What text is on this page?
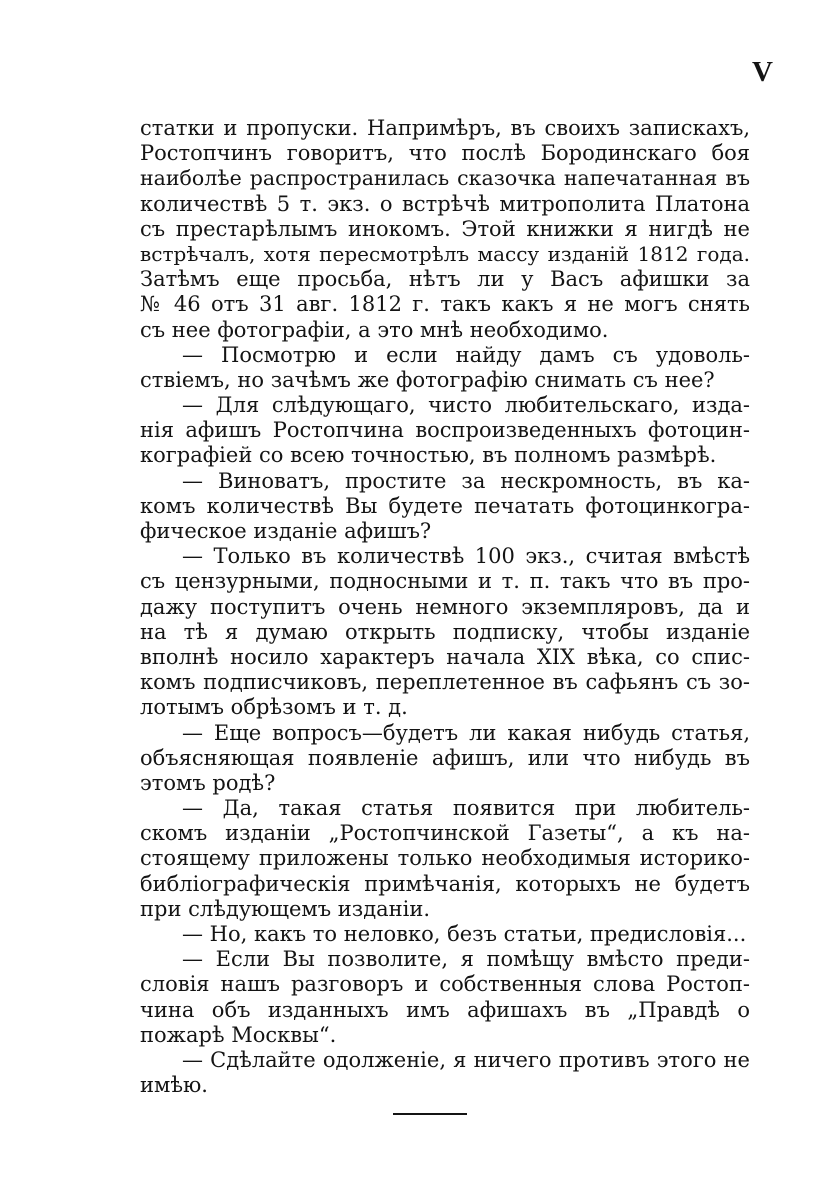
V
статки и пропуски. Напримѣръ, въ своихъ запискахъ,
Ростопчинъ говоритъ, что послѣ Бородинскаго боя
наиболѣе распространилась сказочка напечатанная въ
количествѣ 5 т. экз. о встрѣчѣ митрополита Платона
съ престарѣлымъ инокомъ. Этой книжки я нигдѣ не
встрѣчалъ, хотя пересмотрѣлъ массу изданій 1812 года.
Затѣмъ еще просьба, нѣтъ ли у Васъ афишки за
№ 46 отъ 31 авг. 1812 г. такъ какъ я не могъ снять
съ нее фотографіи, а это мнѣ необходимо.
— Посмотрю и если найду дамъ съ удоволь-
ствіемъ, но зачѣмъ же фотографію снимать съ нее?
— Для слѣдующаго, чисто любительскаго, изда-
нія афишъ Ростопчина воспроизведенныхъ фотоцин-
кографіей со всею точностью, въ полномъ размѣрѣ.
— Виноватъ, простите за нескромность, въ ка-
комъ количествѣ Вы будете печатать фотоцинкогра-
фическое изданіе афишъ?
— Только въ количествѣ 100 экз., считая вмѣстѣ
съ цензурными, подносными и т. п. такъ что въ про-
дажу поступитъ очень немного экземпляровъ, да и
на тѣ я думаю открыть подписку, чтобы изданіе
вполнѣ носило характеръ начала XIX вѣка, со спис-
комъ подписчиковъ, переплетенное въ сафьянъ съ зо-
лотымъ обрѣзомъ и т. д.
— Еще вопросъ—будетъ ли какая нибудь статья,
объясняющая появленіе афишъ, или что нибудь въ
этомъ родѣ?
— Да, такая статья появится при любитель-
скомъ изданіи „Ростопчинской Газеты“, а къ на-
стоящему приложены только необходимыя историко-
библіографическія примѣчанія, которыхъ не будетъ
при слѣдующемъ изданіи.
— Но, какъ то неловко, безъ статьи, предисловія...
— Если Вы позволите, я помѣщу вмѣсто преди-
словія нашъ разговоръ и собственныя слова Ростоп-
чина объ изданныхъ имъ афишахъ въ „Правдѣ о
пожарѣ Москвы“.
— Сдѣлайте одолженіе, я ничего противъ этого не
имѣю.
